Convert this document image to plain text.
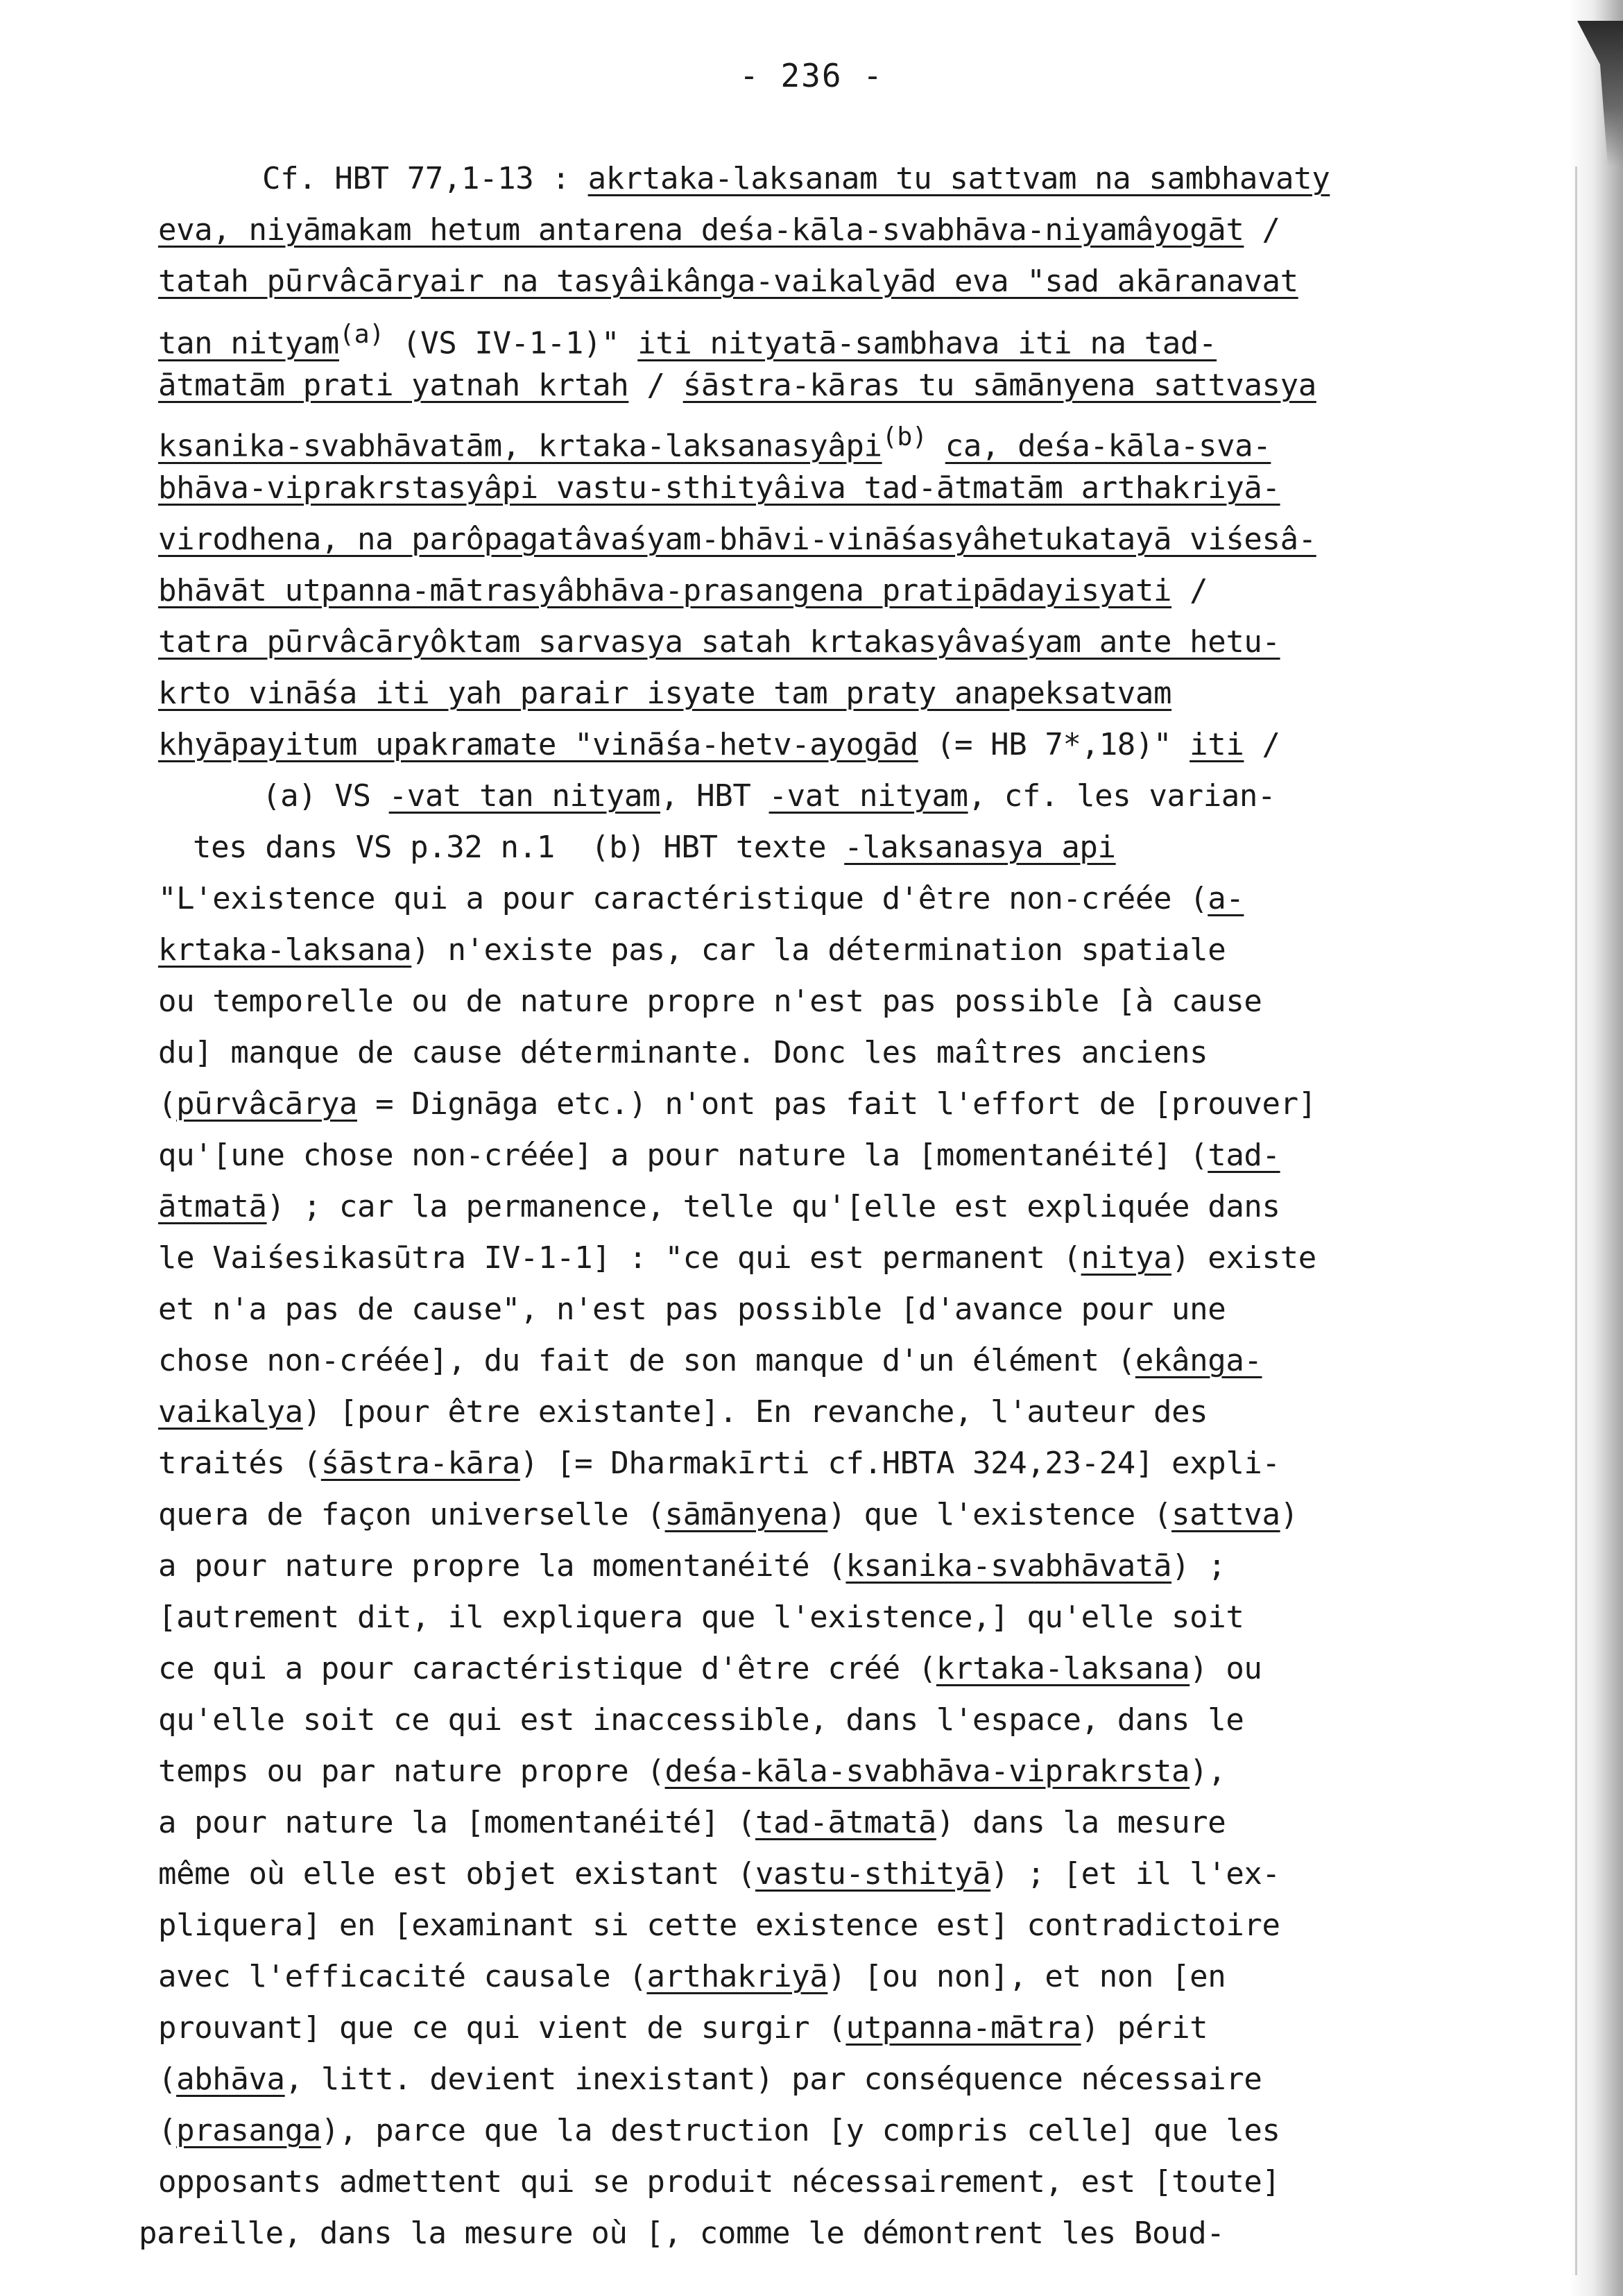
- 236 -
Cf. HBT 77,1-13 : akrtaka-laksanam tu sattvam na sambhavaty
eva, niyāmakam hetum antarena deśa-kāla-svabhāva-niyamâyogāt /
tatah pūrvâcāryair na tasyâikânga-vaikalyād eva "sad akāranavat
tan nityam$^{(a)}$ (VS IV-1-1)" iti nityatā-sambhava iti na tad-
ātmatām prati yatnah krtah / śāstra-kāras tu sāmānyena sattvasya
ksanika-svabhāvatām, krtaka-laksanasyâpi$^{(b)}$ ca, deśa-kāla-sva-
bhāva-viprakrstasyâpi vastu-sthityâiva tad-ātmatām arthakriyā-
virodhena, na parôpagatâvaśyam-bhāvi-vināśasyâhetukatayā viśesâ-
bhāvāt utpanna-mātrasyâbhāva-prasangena pratipādayisyati /
tatra pūrvâcāryôktam sarvasya satah krtakasyâvaśyam ante hetu-
krto vināśa iti yah parair isyate tam praty anapeksatvam
khyāpayitum upakramate "vināśa-hetv-ayogād (= HB 7*,18)" iti /
(a) VS -vat tan nityam, HBT -vat nityam, cf. les varian-
tes dans VS p.32 n.1  (b) HBT texte -laksanasya api
"L'existence qui a pour caractéristique d'être non-créée (a-
krtaka-laksana) n'existe pas, car la détermination spatiale
ou temporelle ou de nature propre n'est pas possible [à cause
du] manque de cause déterminante. Donc les maîtres anciens
(pūrvâcārya = Dignāga etc.) n'ont pas fait l'effort de [prouver]
qu'[une chose non-créée] a pour nature la [momentanéité] (tad-
ātmatā) ; car la permanence, telle qu'[elle est expliquée dans
le Vaiśesikasūtra IV-1-1] : "ce qui est permanent (nitya) existe
et n'a pas de cause", n'est pas possible [d'avance pour une
chose non-créée], du fait de son manque d'un élément (ekânga-
vaikalya) [pour être existante]. En revanche, l'auteur des
traités (śāstra-kāra) [= Dharmakīrti cf.HBTA 324,23-24] expli-
quera de façon universelle (sāmānyena) que l'existence (sattva)
a pour nature propre la momentanéité (ksanika-svabhāvatā) ;
[autrement dit, il expliquera que l'existence,] qu'elle soit
ce qui a pour caractéristique d'être créé (krtaka-laksana) ou
qu'elle soit ce qui est inaccessible, dans l'espace, dans le
temps ou par nature propre (deśa-kāla-svabhāva-viprakrsta),
a pour nature la [momentanéité] (tad-ātmatā) dans la mesure
même où elle est objet existant (vastu-sthityā) ; [et il l'ex-
pliquera] en [examinant si cette existence est] contradictoire
avec l'efficacité causale (arthakriyā) [ou non], et non [en
prouvant] que ce qui vient de surgir (utpanna-mātra) périt
(abhāva, litt. devient inexistant) par conséquence nécessaire
(prasanga), parce que la destruction [y compris celle] que les
opposants admettent qui se produit nécessairement, est [toute]
pareille, dans la mesure où [, comme le démontrent les Boud-
